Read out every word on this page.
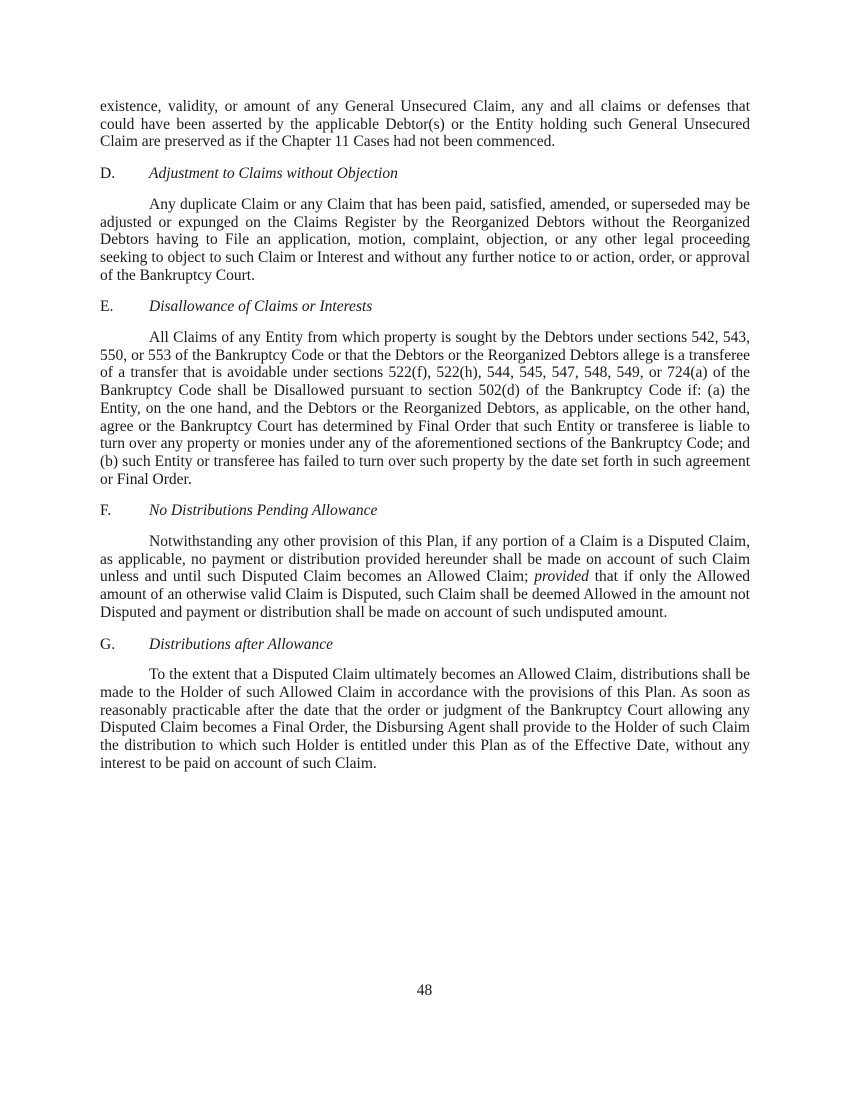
existence, validity, or amount of any General Unsecured Claim, any and all claims or defenses that could have been asserted by the applicable Debtor(s) or the Entity holding such General Unsecured Claim are preserved as if the Chapter 11 Cases had not been commenced.

D. Adjustment to Claims without Objection

Any duplicate Claim or any Claim that has been paid, satisfied, amended, or superseded may be adjusted or expunged on the Claims Register by the Reorganized Debtors without the Reorganized Debtors having to File an application, motion, complaint, objection, or any other legal proceeding seeking to object to such Claim or Interest and without any further notice to or action, order, or approval of the Bankruptcy Court.

E. Disallowance of Claims or Interests

All Claims of any Entity from which property is sought by the Debtors under sections 542, 543, 550, or 553 of the Bankruptcy Code or that the Debtors or the Reorganized Debtors allege is a transferee of a transfer that is avoidable under sections 522(f), 522(h), 544, 545, 547, 548, 549, or 724(a) of the Bankruptcy Code shall be Disallowed pursuant to section 502(d) of the Bankruptcy Code if: (a) the Entity, on the one hand, and the Debtors or the Reorganized Debtors, as applicable, on the other hand, agree or the Bankruptcy Court has determined by Final Order that such Entity or transferee is liable to turn over any property or monies under any of the aforementioned sections of the Bankruptcy Code; and (b) such Entity or transferee has failed to turn over such property by the date set forth in such agreement or Final Order.

F. No Distributions Pending Allowance

Notwithstanding any other provision of this Plan, if any portion of a Claim is a Disputed Claim, as applicable, no payment or distribution provided hereunder shall be made on account of such Claim unless and until such Disputed Claim becomes an Allowed Claim; provided that if only the Allowed amount of an otherwise valid Claim is Disputed, such Claim shall be deemed Allowed in the amount not Disputed and payment or distribution shall be made on account of such undisputed amount.

G. Distributions after Allowance

To the extent that a Disputed Claim ultimately becomes an Allowed Claim, distributions shall be made to the Holder of such Allowed Claim in accordance with the provisions of this Plan. As soon as reasonably practicable after the date that the order or judgment of the Bankruptcy Court allowing any Disputed Claim becomes a Final Order, the Disbursing Agent shall provide to the Holder of such Claim the distribution to which such Holder is entitled under this Plan as of the Effective Date, without any interest to be paid on account of such Claim.

48
